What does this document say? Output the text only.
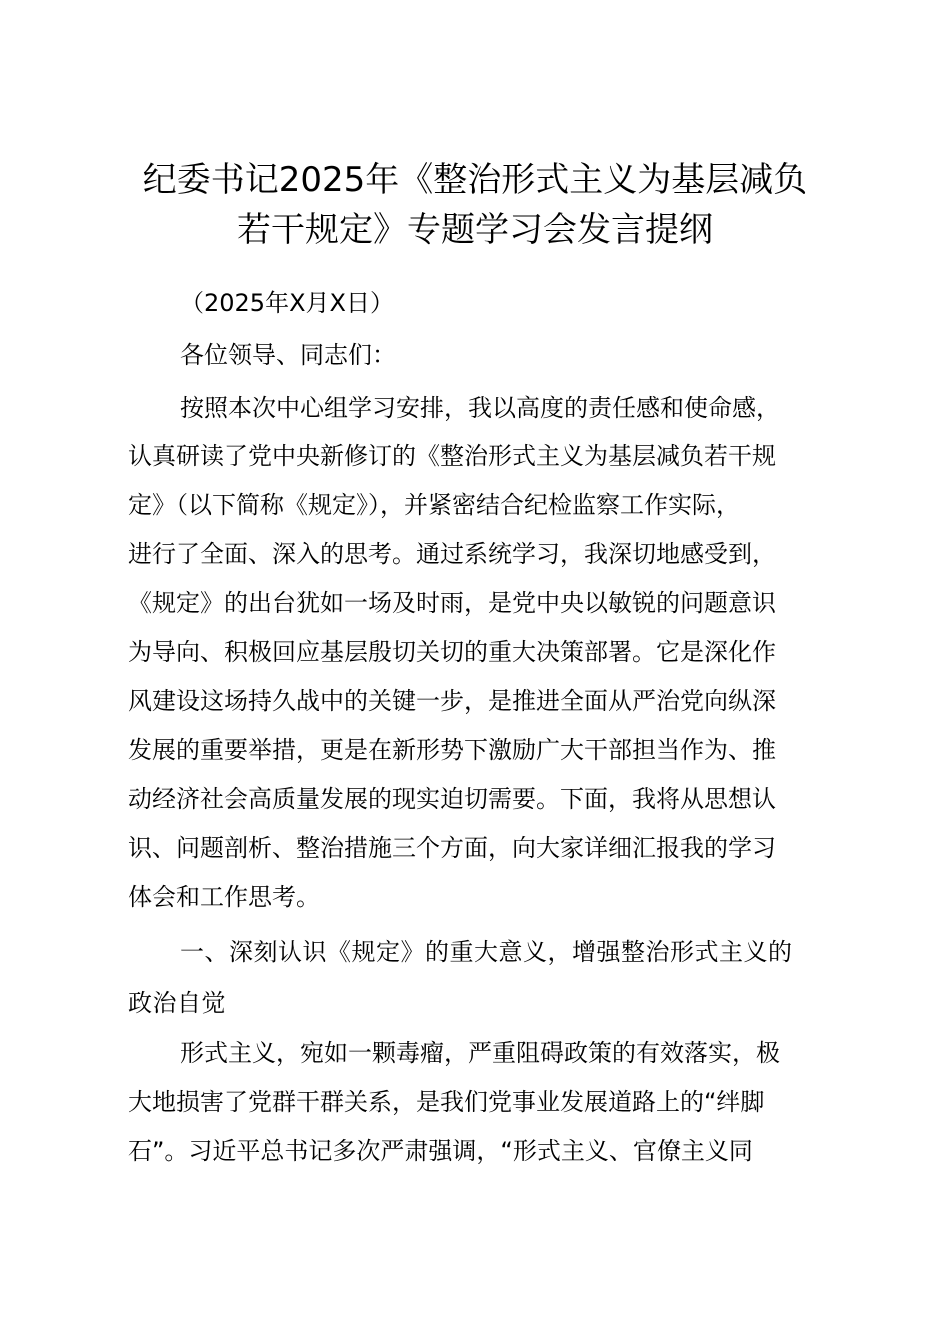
纪委书记2025年《整治形式主义为基层减负
若干规定》专题学习会发言提纲

（2025年X月X日）

各位领导、同志们：

按照本次中心组学习安排，我以高度的责任感和使命感，

认真研读了党中央新修订的《整治形式主义为基层减负若干规

定》（以下简称《规定》），并紧密结合纪检监察工作实际，

进行了全面、深入的思考。通过系统学习，我深切地感受到，

《规定》的出台犹如一场及时雨，是党中央以敏锐的问题意识

为导向、积极回应基层殷切关切的重大决策部署。它是深化作

风建设这场持久战中的关键一步，是推进全面从严治党向纵深

发展的重要举措，更是在新形势下激励广大干部担当作为、推

动经济社会高质量发展的现实迫切需要。下面，我将从思想认

识、问题剖析、整治措施三个方面，向大家详细汇报我的学习

体会和工作思考。

一、深刻认识《规定》的重大意义，增强整治形式主义的

政治自觉

形式主义，宛如一颗毒瘤，严重阻碍政策的有效落实，极

大地损害了党群干群关系，是我们党事业发展道路上的“绊脚

石”。习近平总书记多次严肃强调，“形式主义、官僚主义同
